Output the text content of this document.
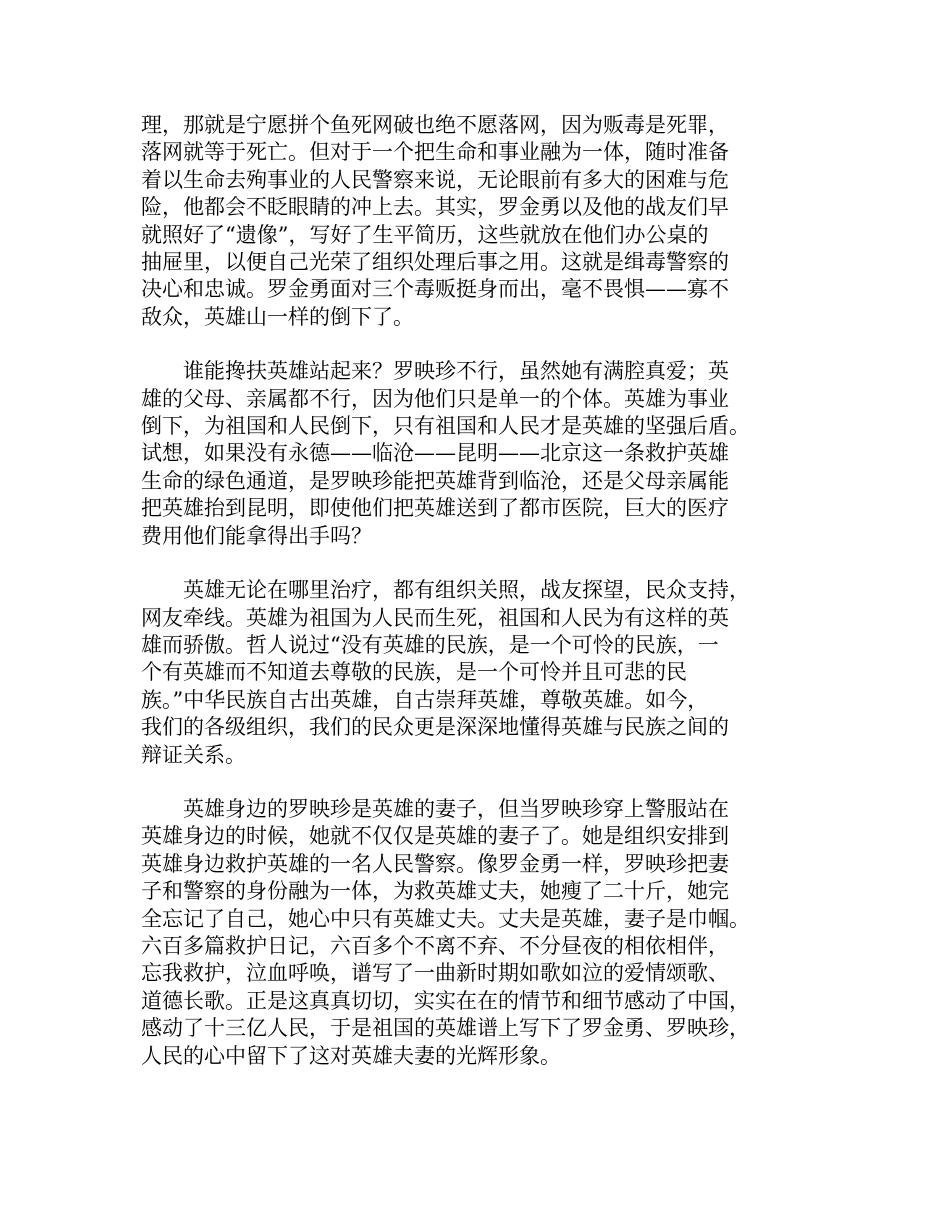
理，那就是宁愿拼个鱼死网破也绝不愿落网，因为贩毒是死罪，
落网就等于死亡。但对于一个把生命和事业融为一体，随时准备
着以生命去殉事业的人民警察来说，无论眼前有多大的困难与危
险，他都会不眨眼睛的冲上去。其实，罗金勇以及他的战友们早
就照好了“遗像”，写好了生平简历，这些就放在他们办公桌的
抽屉里，以便自己光荣了组织处理后事之用。这就是缉毒警察的
决心和忠诚。罗金勇面对三个毒贩挺身而出，毫不畏惧——寡不
敌众，英雄山一样的倒下了。

　　谁能搀扶英雄站起来？罗映珍不行，虽然她有满腔真爱；英
雄的父母、亲属都不行，因为他们只是单一的个体。英雄为事业
倒下，为祖国和人民倒下，只有祖国和人民才是英雄的坚强后盾。
试想，如果没有永德——临沧——昆明——北京这一条救护英雄
生命的绿色通道，是罗映珍能把英雄背到临沧，还是父母亲属能
把英雄抬到昆明，即使他们把英雄送到了都市医院，巨大的医疗
费用他们能拿得出手吗？

　　英雄无论在哪里治疗，都有组织关照，战友探望，民众支持，
网友牵线。英雄为祖国为人民而生死，祖国和人民为有这样的英
雄而骄傲。哲人说过“没有英雄的民族，是一个可怜的民族，一
个有英雄而不知道去尊敬的民族，是一个可怜并且可悲的民
族。”中华民族自古出英雄，自古崇拜英雄，尊敬英雄。如今，
我们的各级组织，我们的民众更是深深地懂得英雄与民族之间的
辩证关系。

　　英雄身边的罗映珍是英雄的妻子，但当罗映珍穿上警服站在
英雄身边的时候，她就不仅仅是英雄的妻子了。她是组织安排到
英雄身边救护英雄的一名人民警察。像罗金勇一样，罗映珍把妻
子和警察的身份融为一体，为救英雄丈夫，她瘦了二十斤，她完
全忘记了自己，她心中只有英雄丈夫。丈夫是英雄，妻子是巾帼。
六百多篇救护日记，六百多个不离不弃、不分昼夜的相依相伴，
忘我救护，泣血呼唤，谱写了一曲新时期如歌如泣的爱情颂歌、
道德长歌。正是这真真切切，实实在在的情节和细节感动了中国，
感动了十三亿人民，于是祖国的英雄谱上写下了罗金勇、罗映珍，
人民的心中留下了这对英雄夫妻的光辉形象。
